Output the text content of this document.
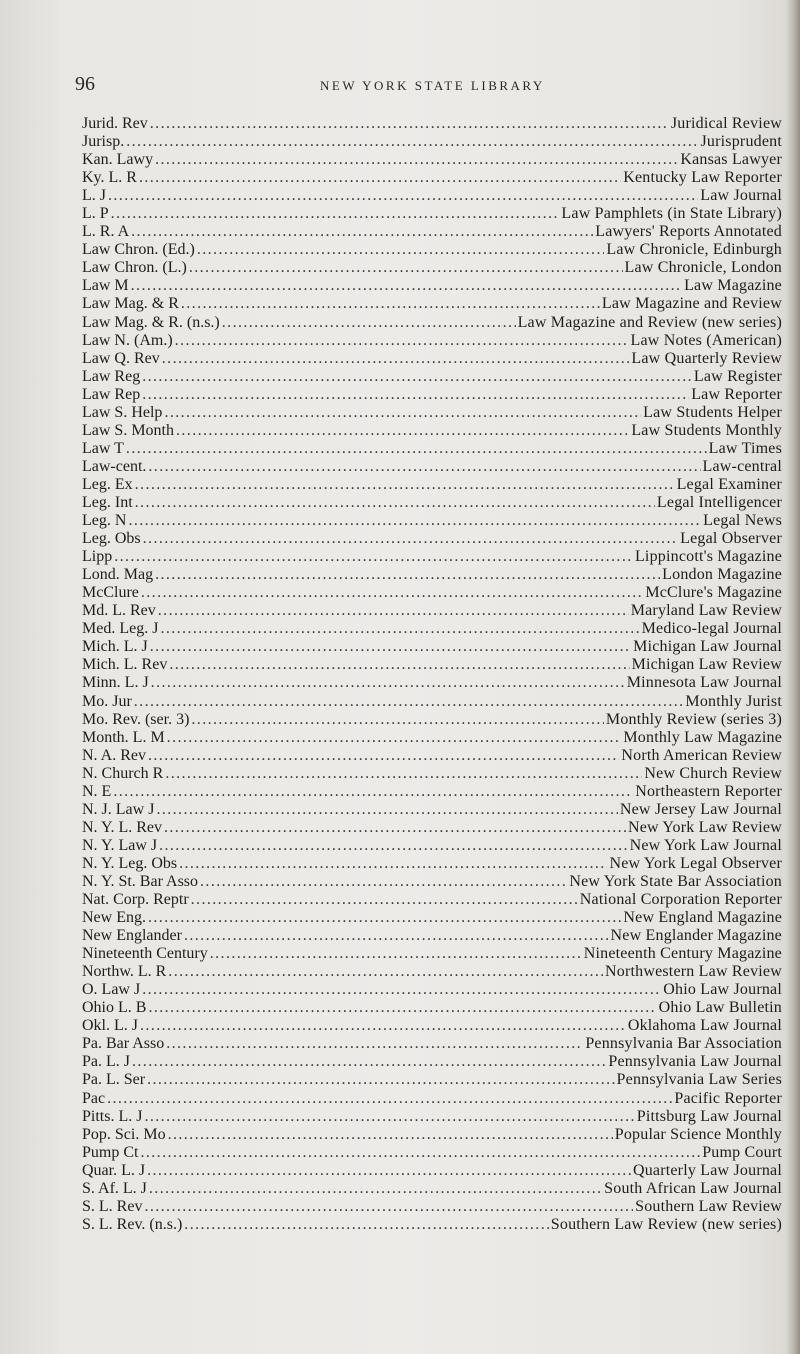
96	NEW YORK STATE LIBRARY
Jurid. Rev . . .	Juridical Review
Jurisp. . . .	Jurisprudent
Kan. Lawy . . .	Kansas Lawyer
Ky. L. R . . .	Kentucky Law Reporter
L. J . . .	Law Journal
L. P . . .	Law Pamphlets (in State Library)
L. R. A . . .	Lawyers' Reports Annotated
Law Chron. (Ed.) . . .	Law Chronicle, Edinburgh
Law Chron. (L.) . . .	Law Chronicle, London
Law M . . .	Law Magazine
Law Mag. & R . . .	Law Magazine and Review
Law Mag. & R. (n.s.) . . .	Law Magazine and Review (new series)
Law N. (Am.) . . .	Law Notes (American)
Law Q. Rev . . .	Law Quarterly Review
Law Reg . . .	Law Register
Law Rep . . .	Law Reporter
Law S. Help . . .	Law Students Helper
Law S. Month . . .	Law Students Monthly
Law T . . .	Law Times
Law-cent. . . .	Law-central
Leg. Ex . . .	Legal Examiner
Leg. Int . . .	Legal Intelligencer
Leg. N . . .	Legal News
Leg. Obs . . .	Legal Observer
Lipp . . .	Lippincott's Magazine
Lond. Mag . . .	London Magazine
McClure . . .	McClure's Magazine
Md. L. Rev . . .	Maryland Law Review
Med. Leg. J . . .	Medico-legal Journal
Mich. L. J . . .	Michigan Law Journal
Mich. L. Rev . . .	Michigan Law Review
Minn. L. J . . .	Minnesota Law Journal
Mo. Jur . . .	Monthly Jurist
Mo. Rev. (ser. 3) . . .	Monthly Review (series 3)
Month. L. M . . .	Monthly Law Magazine
N. A. Rev . . .	North American Review
N. Church R . . .	New Church Review
N. E . . .	Northeastern Reporter
N. J. Law J . . .	New Jersey Law Journal
N. Y. L. Rev . . .	New York Law Review
N. Y. Law J . . .	New York Law Journal
N. Y. Leg. Obs . . .	New York Legal Observer
N. Y. St. Bar Asso . . .	New York State Bar Association
Nat. Corp. Reptr . . .	National Corporation Reporter
New Eng. . . .	New England Magazine
New Englander . . .	New Englander Magazine
Nineteenth Century . . .	Nineteenth Century Magazine
Northw. L. R . . .	Northwestern Law Review
O. Law J . . .	Ohio Law Journal
Ohio L. B . . .	Ohio Law Bulletin
Okl. L. J . . .	Oklahoma Law Journal
Pa. Bar Asso . . .	Pennsylvania Bar Association
Pa. L. J . . .	Pennsylvania Law Journal
Pa. L. Ser . . .	Pennsylvania Law Series
Pac . . .	Pacific Reporter
Pitts. L. J . . .	Pittsburg Law Journal
Pop. Sci. Mo . . .	Popular Science Monthly
Pump Ct . . .	Pump Court
Quar. L. J . . .	Quarterly Law Journal
S. Af. L. J . . .	South African Law Journal
S. L. Rev . . .	Southern Law Review
S. L. Rev. (n.s.) . . .	Southern Law Review (new series)
